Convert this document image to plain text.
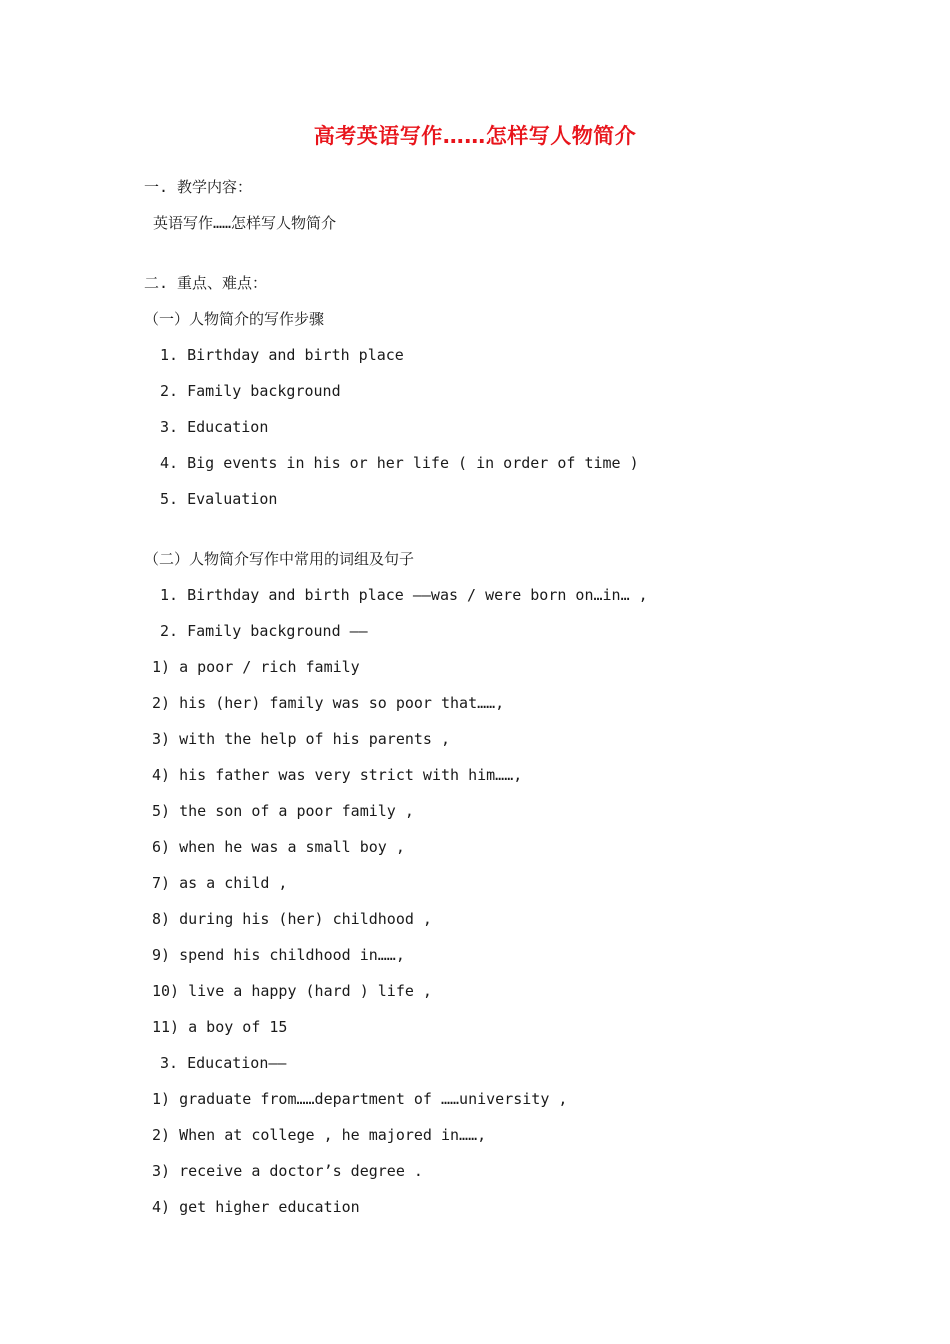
高考英语写作……怎样写人物简介
一. 教学内容：
英语写作……怎样写人物简介
二. 重点、难点：
（一）人物简介的写作步骤
1. Birthday and birth place
2. Family background
3. Education
4. Big events in his or her life ( in order of time )
5. Evaluation
（二）人物简介写作中常用的词组及句子
1. Birthday and birth place ——was / were born on…in… ,
2. Family background ——
1) a poor / rich family
2) his (her) family was so poor that……,
3) with the help of his parents ,
4) his father was very strict with him……,
5) the son of a poor family ,
6) when he was a small boy ,
7) as a child ,
8) during his (her) childhood ,
9) spend his childhood in……,
10) live a happy (hard ) life ,
11) a boy of 15
3. Education——
1) graduate from……department of ……university ,
2) When at college , he majored in……,
3) receive a doctor’s degree .
4) get higher education
